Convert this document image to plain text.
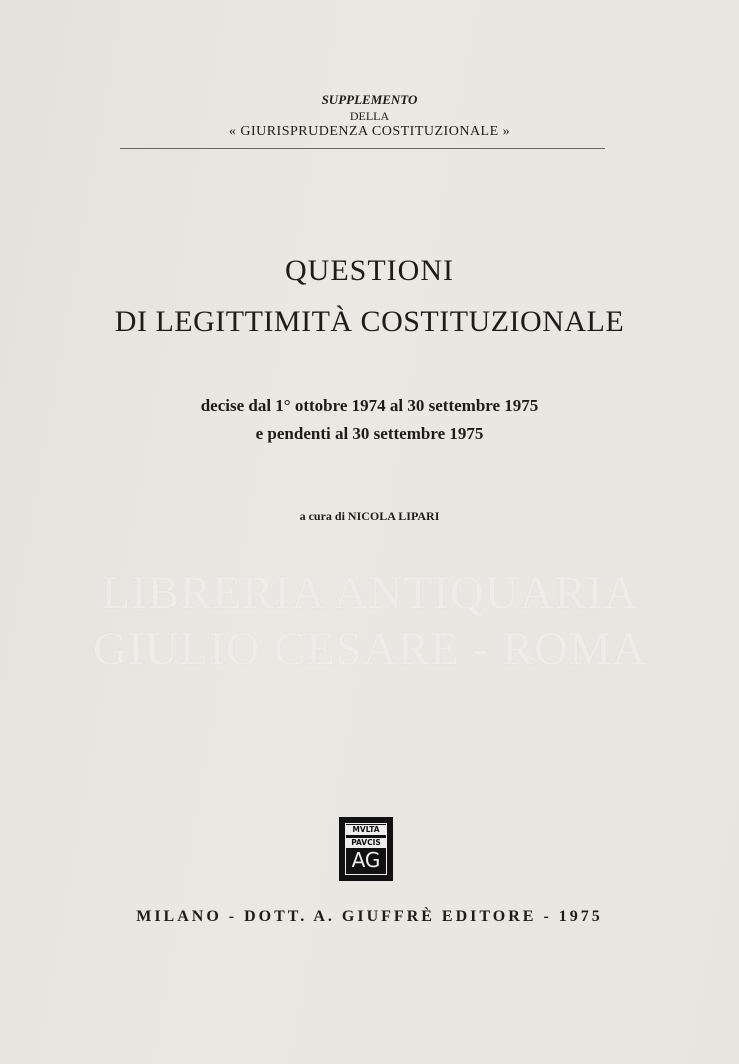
SUPPLEMENTO
DELLA
« GIURISPRUDENZA COSTITUZIONALE »
QUESTIONI
DI LEGITTIMITÀ COSTITUZIONALE
decise dal 1° ottobre 1974 al 30 settembre 1975
e pendenti al 30 settembre 1975
a cura di NICOLA LIPARI
LIBRERIA ANTIQUARIA GIULIO CESARE - ROMA
MVLTA
PAVCIS
AG
MILANO - DOTT. A. GIUFFRÈ EDITORE - 1975
